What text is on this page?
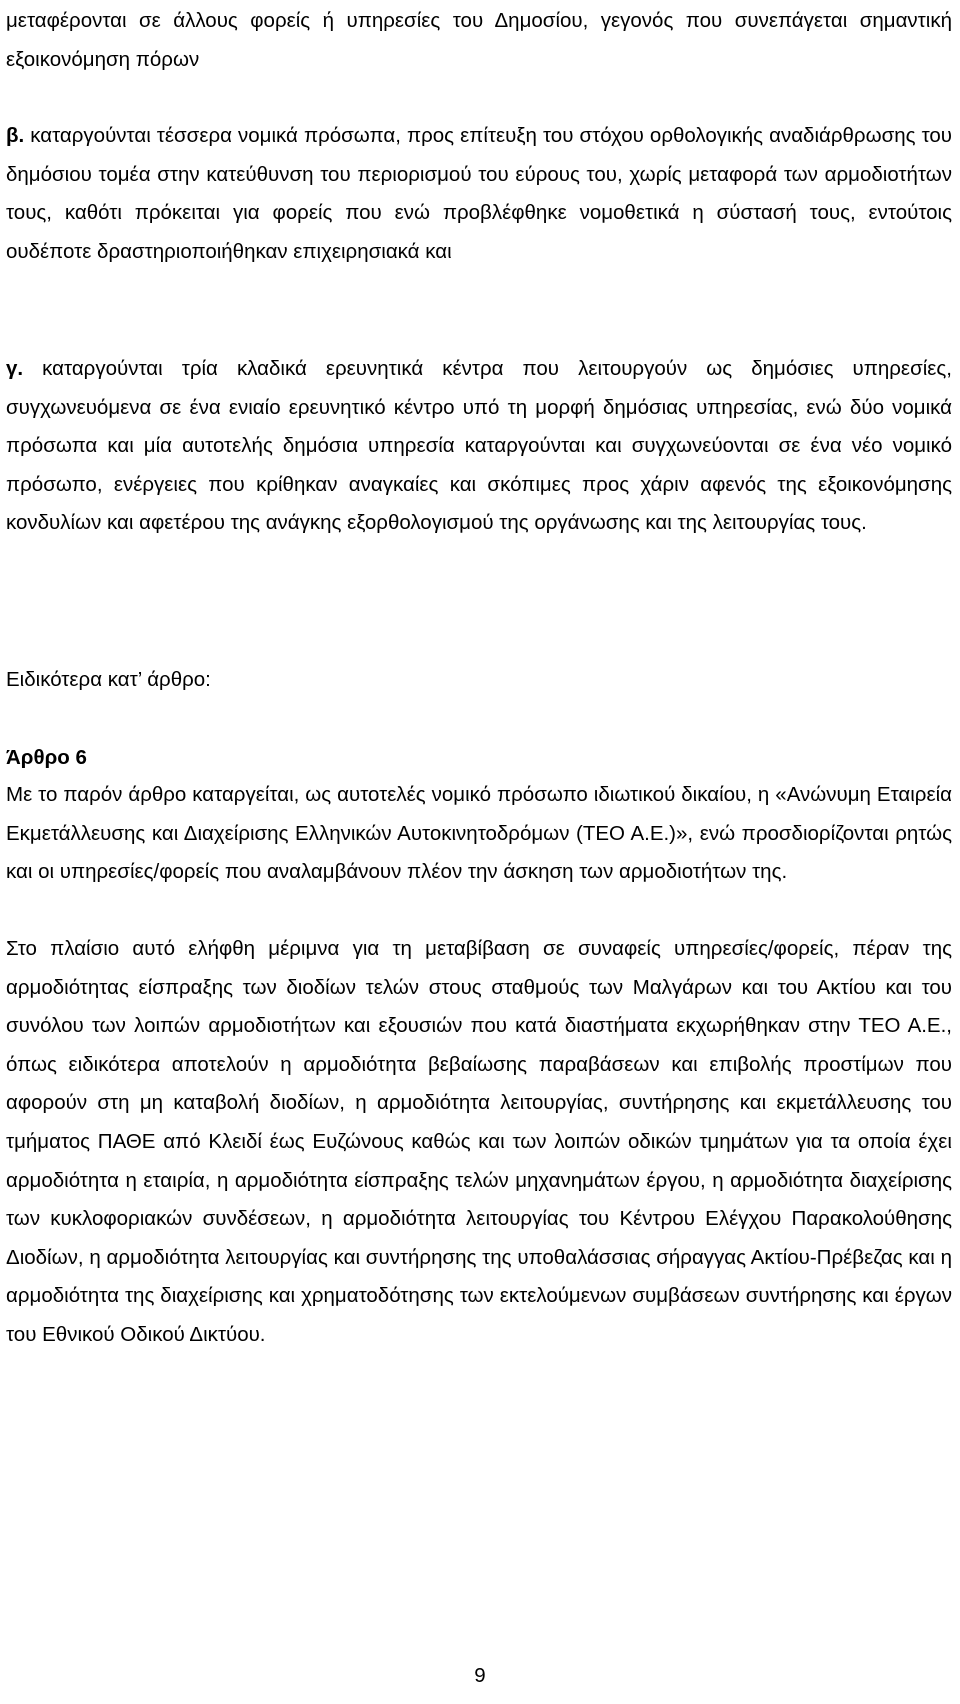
μεταφέρονται σε άλλους φορείς ή υπηρεσίες του Δημοσίου, γεγονός που συνεπάγεται σημαντική εξοικονόμηση πόρων

β. καταργούνται τέσσερα νομικά πρόσωπα, προς επίτευξη του στόχου ορθολογικής αναδιάρθρωσης του δημόσιου τομέα στην κατεύθυνση του περιορισμού του εύρους του, χωρίς μεταφορά των αρμοδιοτήτων τους, καθότι πρόκειται για φορείς που ενώ προβλέφθηκε νομοθετικά η σύστασή τους, εντούτοις ουδέποτε δραστηριοποιήθηκαν επιχειρησιακά και

γ. καταργούνται τρία κλαδικά ερευνητικά κέντρα που λειτουργούν ως δημόσιες υπηρεσίες, συγχωνευόμενα σε ένα ενιαίο ερευνητικό κέντρο υπό τη μορφή δημόσιας υπηρεσίας, ενώ δύο νομικά πρόσωπα και μία αυτοτελής δημόσια υπηρεσία καταργούνται και συγχωνεύονται σε ένα νέο νομικό πρόσωπο, ενέργειες που κρίθηκαν αναγκαίες και σκόπιμες προς χάριν αφενός της εξοικονόμησης κονδυλίων και αφετέρου της ανάγκης εξορθολογισμού της οργάνωσης και της λειτουργίας τους.

Ειδικότερα κατ’ άρθρο:

Άρθρο 6

Με το παρόν άρθρο καταργείται, ως αυτοτελές νομικό πρόσωπο ιδιωτικού δικαίου, η «Ανώνυμη Εταιρεία Εκμετάλλευσης και Διαχείρισης Ελληνικών Αυτοκινητοδρόμων (ΤΕΟ Α.Ε.)», ενώ προσδιορίζονται ρητώς και οι υπηρεσίες/φορείς που αναλαμβάνουν πλέον την άσκηση των αρμοδιοτήτων της.

Στο πλαίσιο αυτό ελήφθη μέριμνα για τη μεταβίβαση σε συναφείς υπηρεσίες/φορείς, πέραν της αρμοδιότητας είσπραξης των διοδίων τελών στους σταθμούς των Μαλγάρων και του Ακτίου και του συνόλου των λοιπών αρμοδιοτήτων και εξουσιών που κατά διαστήματα εκχωρήθηκαν στην ΤΕΟ Α.Ε., όπως ειδικότερα αποτελούν η αρμοδιότητα βεβαίωσης παραβάσεων και επιβολής προστίμων που αφορούν στη μη καταβολή διοδίων, η αρμοδιότητα λειτουργίας, συντήρησης και εκμετάλλευσης του τμήματος ΠΑΘΕ από Κλειδί έως Ευζώνους καθώς και των λοιπών οδικών τμημάτων για τα οποία έχει αρμοδιότητα η εταιρία, η αρμοδιότητα είσπραξης τελών μηχανημάτων έργου, η αρμοδιότητα διαχείρισης των κυκλοφοριακών συνδέσεων, η αρμοδιότητα λειτουργίας του Κέντρου Ελέγχου Παρακολούθησης Διοδίων, η αρμοδιότητα λειτουργίας και συντήρησης της υποθαλάσσιας σήραγγας Ακτίου-Πρέβεζας και η αρμοδιότητα της διαχείρισης και χρηματοδότησης των εκτελούμενων συμβάσεων συντήρησης και έργων του Εθνικού Οδικού Δικτύου.

9
